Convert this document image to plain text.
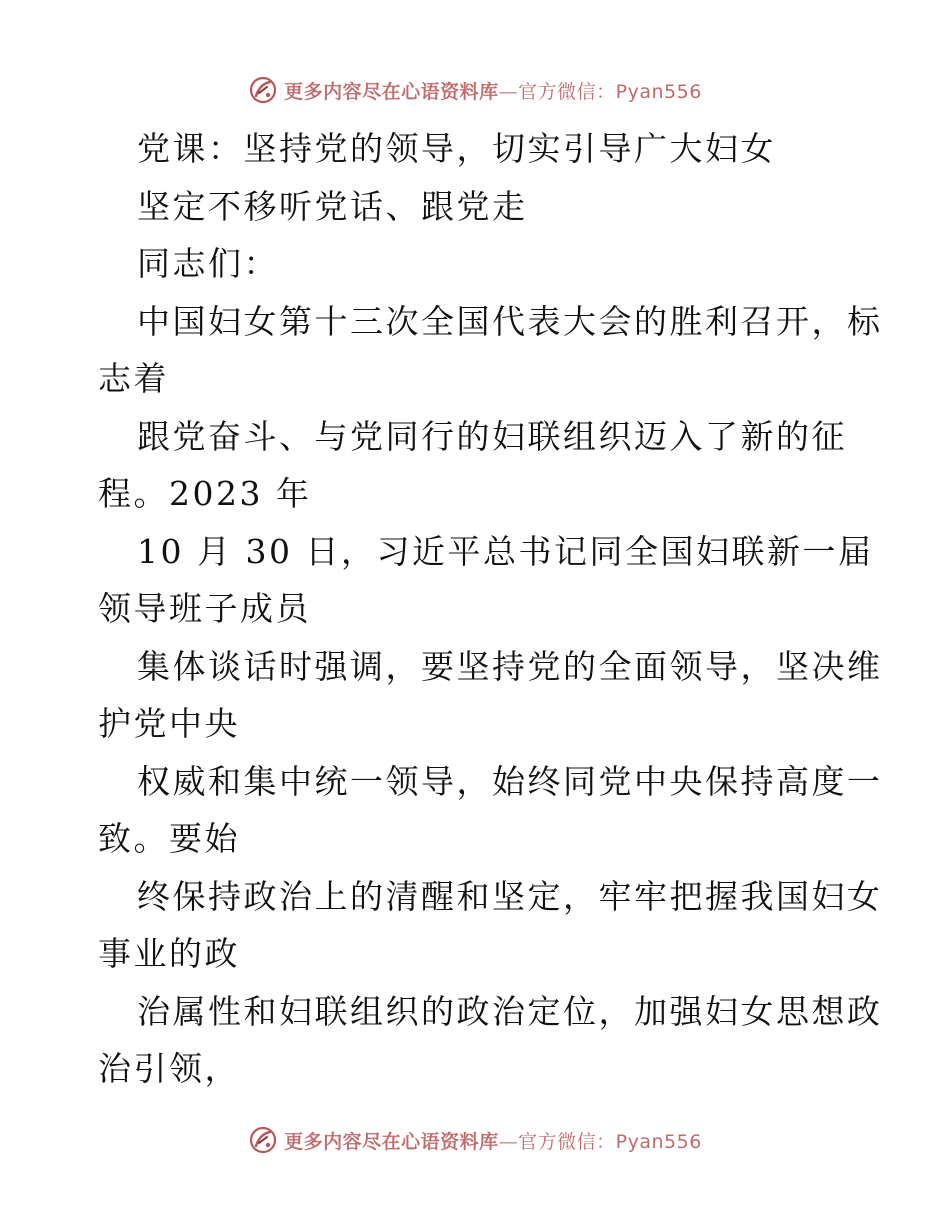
更多内容尽在心语资料库—官方微信：Pyan556
党课：坚持党的领导，切实引导广大妇女
坚定不移听党话、跟党走
同志们：
中国妇女第十三次全国代表大会的胜利召开，标
志着
跟党奋斗、与党同行的妇联组织迈入了新的征
程。2023 年
10 月 30 日，习近平总书记同全国妇联新一届
领导班子成员
集体谈话时强调，要坚持党的全面领导，坚决维
护党中央
权威和集中统一领导，始终同党中央保持高度一
致。要始
终保持政治上的清醒和坚定，牢牢把握我国妇女
事业的政
治属性和妇联组织的政治定位，加强妇女思想政
治引领，
更多内容尽在心语资料库—官方微信：Pyan556
